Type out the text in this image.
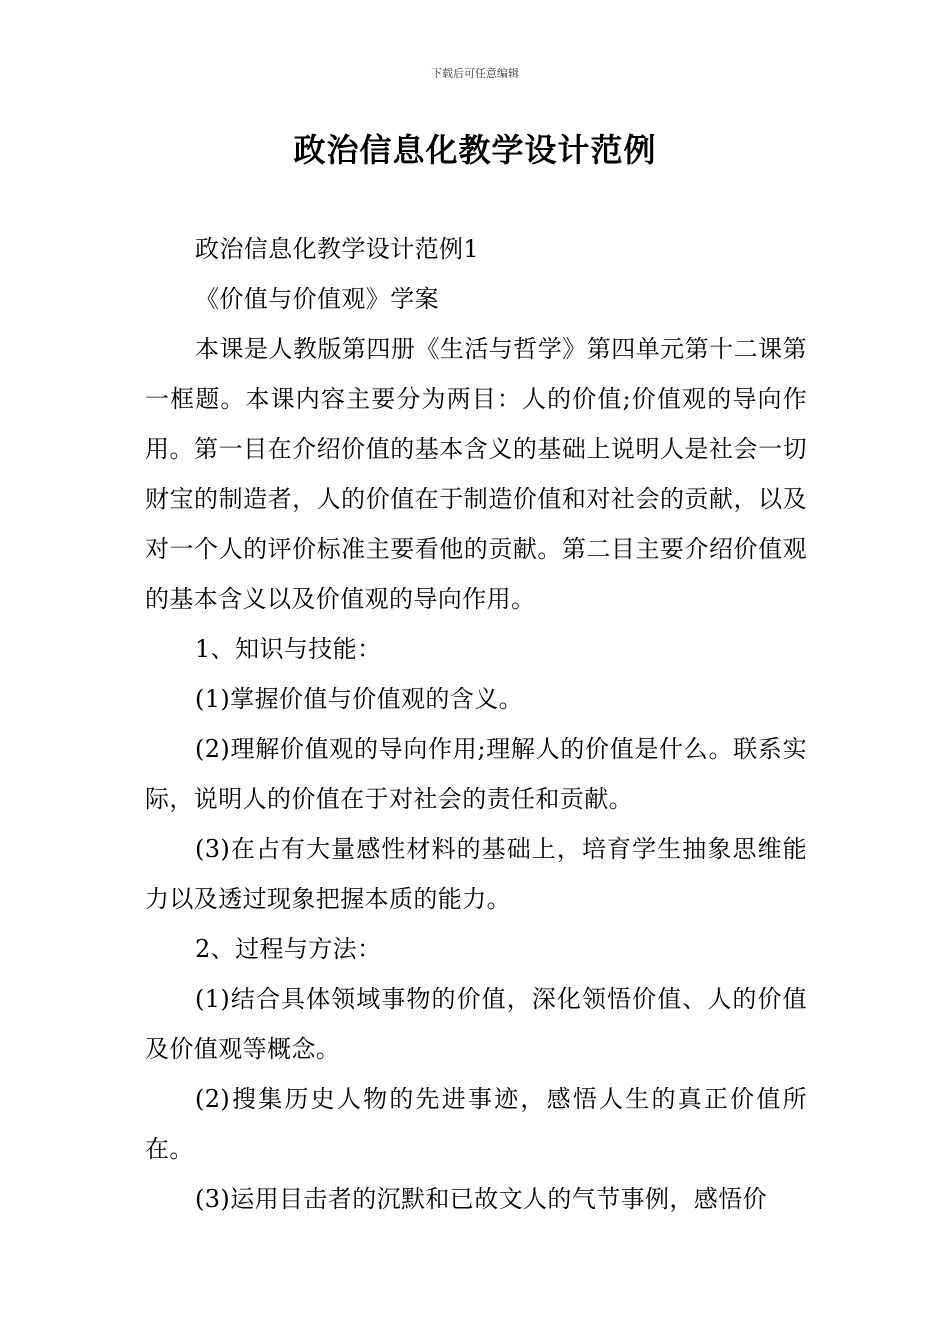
下载后可任意编辑
政治信息化教学设计范例

政治信息化教学设计范例1

《价值与价值观》学案

本课是人教版第四册《生活与哲学》第四单元第十二课第一框题。本课内容主要分为两目：人的价值;价值观的导向作用。第一目在介绍价值的基本含义的基础上说明人是社会一切财宝的制造者，人的价值在于制造价值和对社会的贡献，以及对一个人的评价标准主要看他的贡献。第二目主要介绍价值观的基本含义以及价值观的导向作用。

1、知识与技能：

(1)掌握价值与价值观的含义。

(2)理解价值观的导向作用;理解人的价值是什么。联系实际，说明人的价值在于对社会的责任和贡献。

(3)在占有大量感性材料的基础上，培育学生抽象思维能力以及透过现象把握本质的能力。

2、过程与方法：

(1)结合具体领域事物的价值，深化领悟价值、人的价值及价值观等概念。

(2)搜集历史人物的先进事迹，感悟人生的真正价值所在。

(3)运用目击者的沉默和已故文人的气节事例，感悟价
